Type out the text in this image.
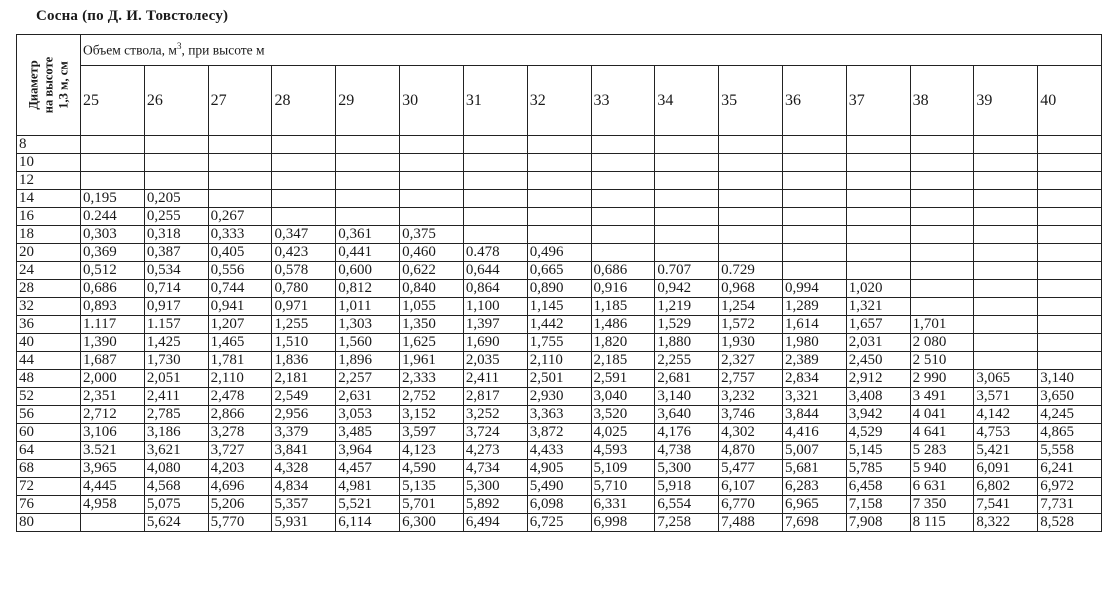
Сосна (по Д. И. Товстолесу)
Диаметр на высоте 1,3 м, см	Объем ствола, $м^3$, при высоте м															
	25	26	27	28	29	30	31	32	33	34	35	36	37	38	39	40
8																
10																
12																
14	0,195	0,205														
16	0.244	0,255	0,267													
18	0,303	0,318	0,333	0,347	0,361	0,375										
20	0,369	0,387	0,405	0,423	0,441	0,460	0.478	0,496								
24	0,512	0,534	0,556	0,578	0,600	0,622	0,644	0,665	0,686	0.707	0.729					
28	0,686	0,714	0,744	0,780	0,812	0,840	0,864	0,890	0,916	0,942	0,968	0,994	1,020			
32	0,893	0,917	0,941	0,971	1,011	1,055	1,100	1,145	1,185	1,219	1,254	1,289	1,321			
36	1.117	1.157	1,207	1,255	1,303	1,350	1,397	1,442	1,486	1,529	1,572	1,614	1,657	1,701		
40	1,390	1,425	1,465	1,510	1,560	1,625	1,690	1,755	1,820	1,880	1,930	1,980	2,031	2 080		
44	1,687	1,730	1,781	1,836	1,896	1,961	2,035	2,110	2,185	2,255	2,327	2,389	2,450	2 510		
48	2,000	2,051	2,110	2,181	2,257	2,333	2,411	2,501	2,591	2,681	2,757	2,834	2,912	2 990	3,065	3,140
52	2,351	2,411	2,478	2,549	2,631	2,752	2,817	2,930	3,040	3,140	3,232	3,321	3,408	3 491	3,571	3,650
56	2,712	2,785	2,866	2,956	3,053	3,152	3,252	3,363	3,520	3,640	3,746	3,844	3,942	4 041	4,142	4,245
60	3,106	3,186	3,278	3,379	3,485	3,597	3,724	3,872	4,025	4,176	4,302	4,416	4,529	4 641	4,753	4,865
64	3.521	3,621	3,727	3,841	3,964	4,123	4,273	4,433	4,593	4,738	4,870	5,007	5,145	5 283	5,421	5,558
68	3,965	4,080	4,203	4,328	4,457	4,590	4,734	4,905	5,109	5,300	5,477	5,681	5,785	5 940	6,091	6,241
72	4,445	4,568	4,696	4,834	4,981	5,135	5,300	5,490	5,710	5,918	6,107	6,283	6,458	6 631	6,802	6,972
76	4,958	5,075	5,206	5,357	5,521	5,701	5,892	6,098	6,331	6,554	6,770	6,965	7,158	7 350	7,541	7,731
80		5,624	5,770	5,931	6,114	6,300	6,494	6,725	6,998	7,258	7,488	7,698	7,908	8 115	8,322	8,528
